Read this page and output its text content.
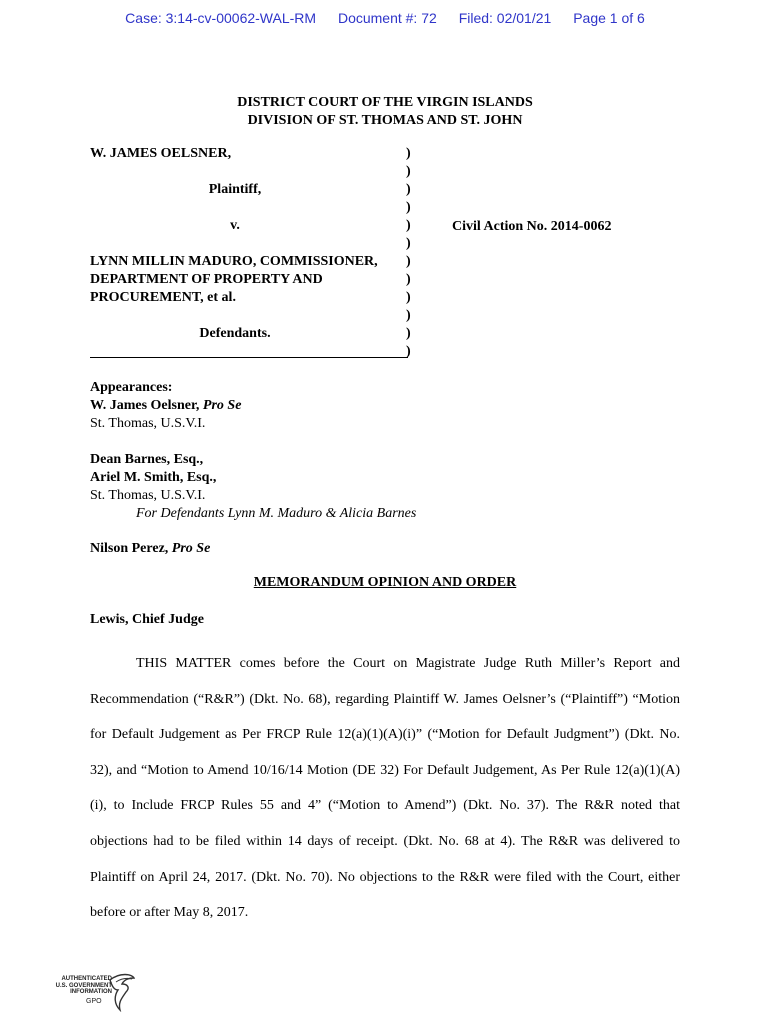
Case: 3:14-cv-00062-WAL-RM Document #: 72 Filed: 02/01/21 Page 1 of 6
DISTRICT COURT OF THE VIRGIN ISLANDS
DIVISION OF ST. THOMAS AND ST. JOHN
W. JAMES OELSNER,
Plaintiff,
v.
LYNN MILLIN MADURO, COMMISSIONER,
DEPARTMENT OF PROPERTY AND
PROCUREMENT, et al.
Defendants.
)
)
)
)
)
)
)
)
)
)
)
)
Civil Action No. 2014-0062
Appearances:
W. James Oelsner, Pro Se
St. Thomas, U.S.V.I.
Dean Barnes, Esq.,
Ariel M. Smith, Esq.,
St. Thomas, U.S.V.I.
For Defendants Lynn M. Maduro & Alicia Barnes
Nilson Perez, Pro Se
MEMORANDUM OPINION AND ORDER
Lewis, Chief Judge
THIS MATTER comes before the Court on Magistrate Judge Ruth Miller’s Report and Recommendation (“R&R”) (Dkt. No. 68), regarding Plaintiff W. James Oelsner’s (“Plaintiff”) “Motion for Default Judgement as Per FRCP Rule 12(a)(1)(A)(i)” (“Motion for Default Judgment”) (Dkt. No. 32), and “Motion to Amend 10/16/14 Motion (DE 32) For Default Judgement, As Per Rule 12(a)(1)(A)(i), to Include FRCP Rules 55 and 4” (“Motion to Amend”) (Dkt. No. 37). The R&R noted that objections had to be filed within 14 days of receipt. (Dkt. No. 68 at 4). The R&R was delivered to Plaintiff on April 24, 2017. (Dkt. No. 70). No objections to the R&R were filed with the Court, either before or after May 8, 2017.
AUTHENTICATED
U.S. GOVERNMENT
INFORMATION
GPO
